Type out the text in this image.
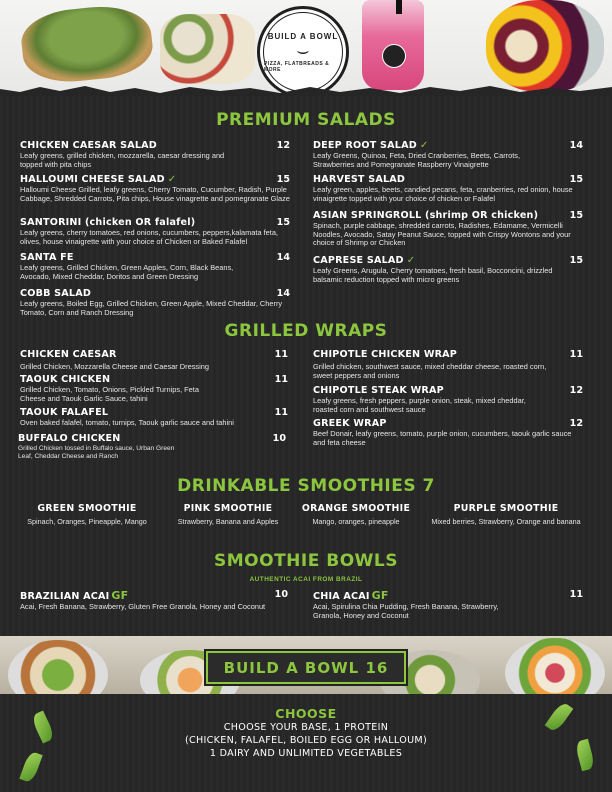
BUILD A BOWL
⌣
PIZZA, FLATBREADS & MORE
PREMIUM SALADS
CHICKEN CAESAR SALAD	12
Leafy greens, grilled chicken, mozzarella, caesar dressing and topped with pita chips
HALLOUMI CHEESE SALAD ✓	15
Halloumi Cheese Grilled, leafy greens, Cherry Tomato, Cucumber, Radish, Purple Cabbage, Shredded Carrots, Pita chips, House vinagrette and pomegranate Glaze
SANTORINI (chicken OR falafel)	15
Leafy greens, cherry tomatoes, red onions, cucumbers, peppers,kalamata feta, olives, house vinaigrette with your choice of Chicken or Baked Falafel
SANTA FE	14
Leafy greens, Grilled Chicken, Green Apples, Corn, Black Beans, Avocado, Mixed Cheddar, Doritos and Green Dressing
COBB SALAD	14
Leafy greens, Boiled Egg, Grilled Chicken, Green Apple, Mixed Cheddar, Cherry Tomato, Corn and Ranch Dressing
DEEP ROOT SALAD ✓	14
Leafy Greens, Quinoa, Feta, Dried Cranberries, Beets, Carrots, Strawberries and Pomegranate Raspberry Vinaigrette
HARVEST SALAD	15
Leafy green, apples, beets, candied pecans, feta, cranberries, red onion, house vinaigrette topped with your choice of chicken or Falafel
ASIAN SPRINGROLL (shrimp OR chicken)	15
Spinach, purple cabbage, shredded carrots, Radishes, Edamame, Vermicelli Noodles, Avocado, Satay Peanut Sauce, topped with Crispy Wontons and your choice of Shrimp or Chicken
CAPRESE SALAD ✓	15
Leafy Greens, Arugula, Cherry tomatoes, fresh basil, Bocconcini, drizzled balsamic reduction topped with micro greens
GRILLED WRAPS
CHICKEN CAESAR	11
Grilled Chicken, Mozzarella Cheese and Caesar Dressing
TAOUK CHICKEN	11
Grilled Chicken, Tomato, Onions, Pickled Turnips, Feta Cheese and Taouk Garlic Sauce, tahini
TAOUK FALAFEL	11
Oven baked falafel, tomato, turnips, Taouk garlic sauce and tahini
BUFFALO CHICKEN	10
Grilled Chicken tossed in Buffalo sauce, Urban Green Leaf, Cheddar Cheese and Ranch
CHIPOTLE CHICKEN WRAP	11
Grilled chicken, southwest sauce, mixed cheddar cheese, roasted corn, sweet peppers and onions
CHIPOTLE STEAK WRAP	12
Leafy greens, fresh peppers, purple onion, steak, mixed cheddar, roasted corn and southwest sauce
GREEK WRAP	12
Beef Donair, leafy greens, tomato, purple onion, cucumbers, taouk garlic sauce and feta cheese
DRINKABLE SMOOTHIES 7
GREEN SMOOTHIE
Spinach, Oranges, Pineapple, Mango
PINK SMOOTHIE
Strawberry, Banana and Apples
ORANGE SMOOTHIE
Mango, oranges, pineapple
PURPLE SMOOTHIE
Mixed berries, Strawberry, Orange and banana
SMOOTHIE BOWLS
AUTHENTIC ACAI FROM BRAZIL
BRAZILIAN ACAI GF	10
Acai, Fresh Banana, Strawberry, Gluten Free Granola, Honey and Coconut
CHIA ACAI GF	11
Acai, Spirulina Chia Pudding, Fresh Banana, Strawberry, Granola, Honey and Coconut
BUILD A BOWL 16
CHOOSE
CHOOSE YOUR BASE, 1 PROTEIN
(CHICKEN, FALAFEL, BOILED EGG OR HALLOUM)
1 DAIRY AND UNLIMITED VEGETABLES
